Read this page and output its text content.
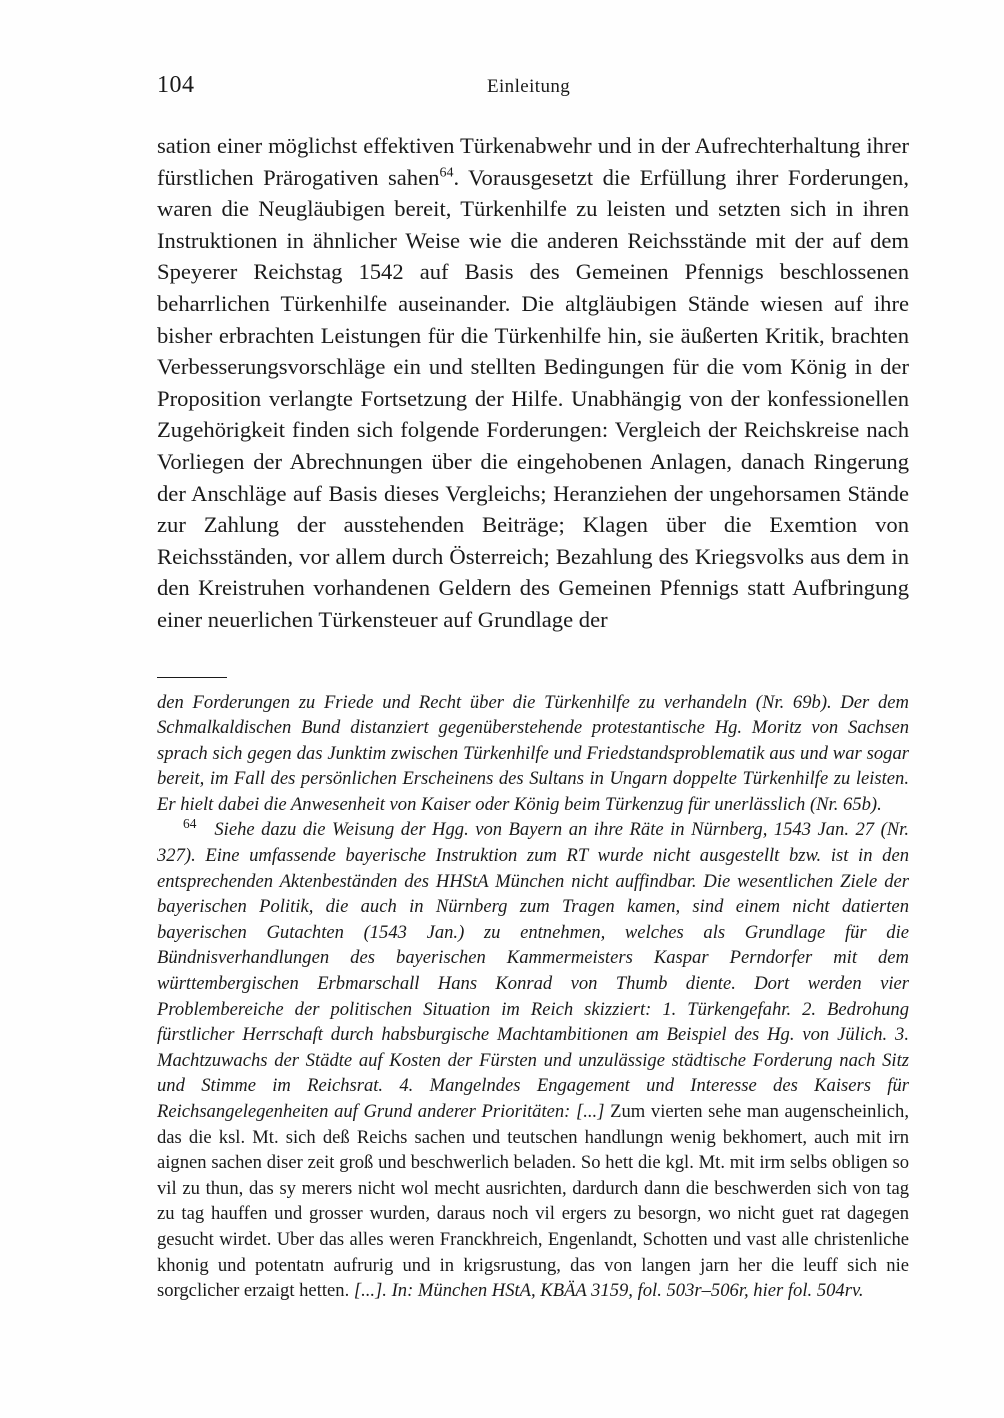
104	Einleitung

sation einer möglichst effektiven Türkenabwehr und in der Aufrechterhaltung ihrer fürstlichen Prärogativen sahen$^{64}$. Vorausgesetzt die Erfüllung ihrer Forderungen, waren die Neugläubigen bereit, Türkenhilfe zu leisten und setzten sich in ihren Instruktionen in ähnlicher Weise wie die anderen Reichsstände mit der auf dem Speyerer Reichstag 1542 auf Basis des Gemeinen Pfennigs beschlossenen beharrlichen Türkenhilfe auseinander. Die altgläubigen Stände wiesen auf ihre bisher erbrachten Leistungen für die Türkenhilfe hin, sie äußerten Kritik, brachten Verbesserungsvorschläge ein und stellten Bedingungen für die vom König in der Proposition verlangte Fortsetzung der Hilfe. Unabhängig von der konfessionellen Zugehörigkeit finden sich folgende Forderungen: Vergleich der Reichskreise nach Vorliegen der Abrechnungen über die eingehobenen Anlagen, danach Ringerung der Anschläge auf Basis dieses Vergleichs; Heranziehen der ungehorsamen Stände zur Zahlung der ausstehenden Beiträge; Klagen über die Exemtion von Reichsständen, vor allem durch Österreich; Bezahlung des Kriegsvolks aus dem in den Kreistruhen vorhandenen Geldern des Gemeinen Pfennigs statt Aufbringung einer neuerlichen Türkensteuer auf Grundlage der

den Forderungen zu Friede und Recht über die Türkenhilfe zu verhandeln (Nr. 69b). Der dem Schmalkaldischen Bund distanziert gegenüberstehende protestantische Hg. Moritz von Sachsen sprach sich gegen das Junktim zwischen Türkenhilfe und Friedstandsproblematik aus und war sogar bereit, im Fall des persönlichen Erscheinens des Sultans in Ungarn doppelte Türkenhilfe zu leisten. Er hielt dabei die Anwesenheit von Kaiser oder König beim Türkenzug für unerlässlich (Nr. 65b).

$^{64}$ Siehe dazu die Weisung der Hgg. von Bayern an ihre Räte in Nürnberg, 1543 Jan. 27 (Nr. 327). Eine umfassende bayerische Instruktion zum RT wurde nicht ausgestellt bzw. ist in den entsprechenden Aktenbeständen des HHStA München nicht auffindbar. Die wesentlichen Ziele der bayerischen Politik, die auch in Nürnberg zum Tragen kamen, sind einem nicht datierten bayerischen Gutachten (1543 Jan.) zu entnehmen, welches als Grundlage für die Bündnisverhandlungen des bayerischen Kammermeisters Kaspar Perndorfer mit dem württembergischen Erbmarschall Hans Konrad von Thumb diente. Dort werden vier Problembereiche der politischen Situation im Reich skizziert: 1. Türkengefahr. 2. Bedrohung fürstlicher Herrschaft durch habsburgische Machtambitionen am Beispiel des Hg. von Jülich. 3. Machtzuwachs der Städte auf Kosten der Fürsten und unzulässige städtische Forderung nach Sitz und Stimme im Reichsrat. 4. Mangelndes Engagement und Interesse des Kaisers für Reichsangelegenheiten auf Grund anderer Prioritäten: [...] Zum vierten sehe man augenscheinlich, das die ksl. Mt. sich deß Reichs sachen und teutschen handlungn wenig bekhomert, auch mit irn aignen sachen diser zeit groß und beschwerlich beladen. So hett die kgl. Mt. mit irm selbs obligen so vil zu thun, das sy merers nicht wol mecht ausrichten, dardurch dann die beschwerden sich von tag zu tag hauffen und grosser wurden, daraus noch vil ergers zu besorgn, wo nicht guet rat dagegen gesucht wirdet. Uber das alles weren Franckhreich, Engenlandt, Schotten und vast alle christenliche khonig und potentatn aufrurig und in krigsrustung, das von langen jarn her die leuff sich nie sorgclicher erzaigt hetten. [...]. In: München HStA, KBÄA 3159, fol. 503r–506r, hier fol. 504rv.
